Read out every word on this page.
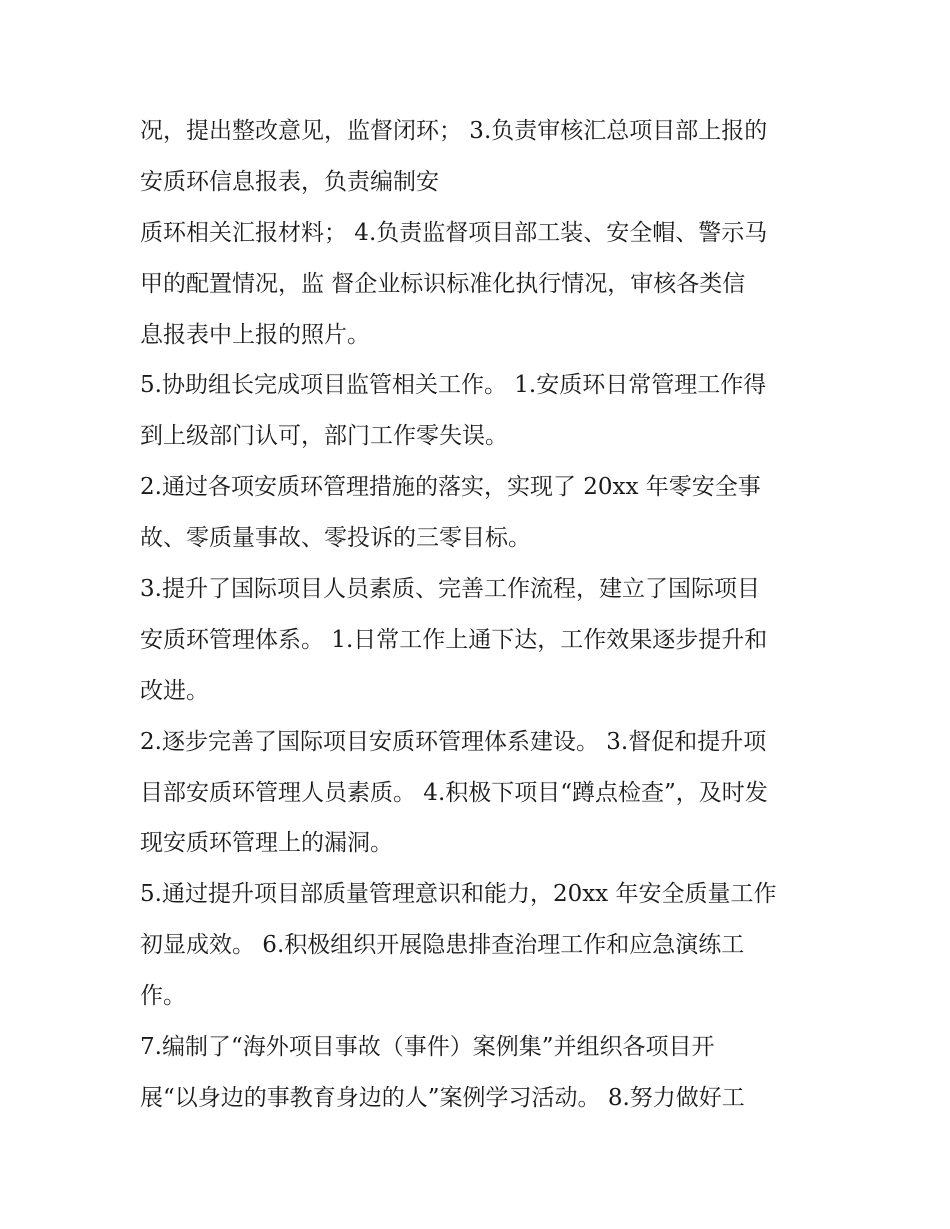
况，提出整改意见，监督闭环； 3.负责审核汇总项目部上报的
安质环信息报表，负责编制安
质环相关汇报材料； 4.负责监督项目部工装、安全帽、警示马
甲的配置情况，监 督企业标识标准化执行情况，审核各类信
息报表中上报的照片。
5.协助组长完成项目监管相关工作。 1.安质环日常管理工作得
到上级部门认可，部门工作零失误。
2.通过各项安质环管理措施的落实，实现了 20xx 年零安全事
故、零质量事故、零投诉的三零目标。
3.提升了国际项目人员素质、完善工作流程，建立了国际项目
安质环管理体系。 1.日常工作上通下达，工作效果逐步提升和
改进。
2.逐步完善了国际项目安质环管理体系建设。 3.督促和提升项
目部安质环管理人员素质。 4.积极下项目“蹲点检查”，及时发
现安质环管理上的漏洞。
5.通过提升项目部质量管理意识和能力，20xx 年安全质量工作
初显成效。 6.积极组织开展隐患排查治理工作和应急演练工
作。
7.编制了“海外项目事故（事件）案例集”并组织各项目开
展“以身边的事教育身边的人”案例学习活动。 8.努力做好工
